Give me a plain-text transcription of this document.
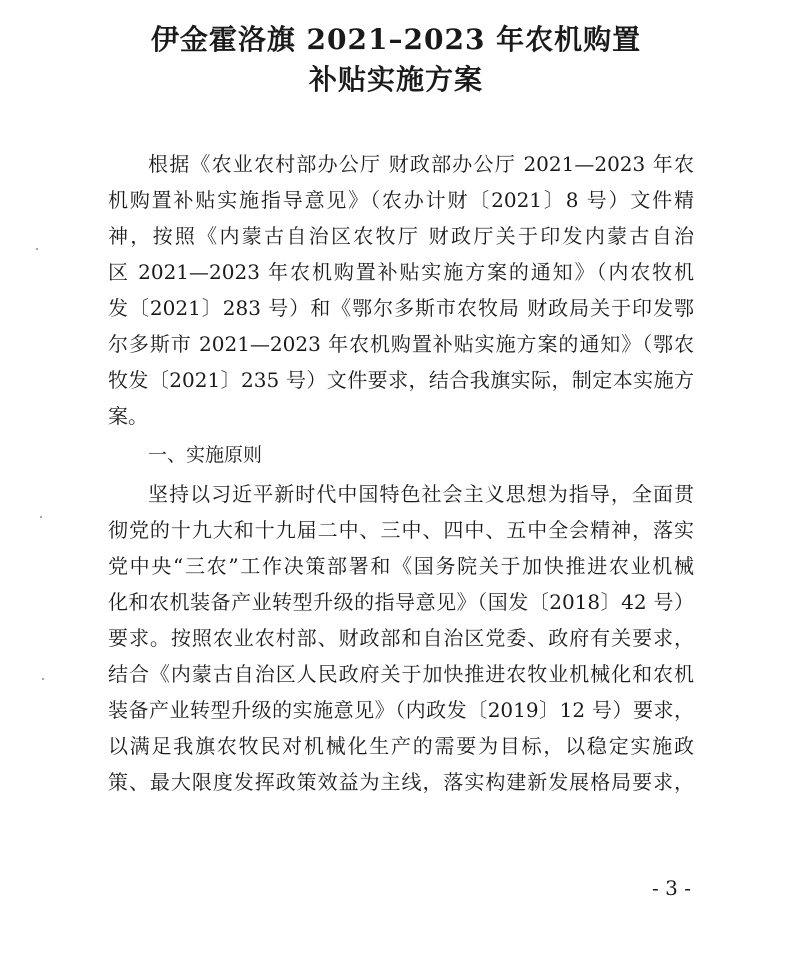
伊金霍洛旗 2021–2023 年农机购置
补贴实施方案
根据《农业农村部办公厅 财政部办公厅 2021—2023 年农
机购置补贴实施指导意见》（农办计财〔2021〕8 号）文件精
神，按照《内蒙古自治区农牧厅 财政厅关于印发内蒙古自治
区 2021—2023 年农机购置补贴实施方案的通知》（内农牧机
发〔2021〕283 号）和《鄂尔多斯市农牧局 财政局关于印发鄂
尔多斯市 2021—2023 年农机购置补贴实施方案的通知》（鄂农
牧发〔2021〕235 号）文件要求，结合我旗实际，制定本实施方
案。
一、实施原则
坚持以习近平新时代中国特色社会主义思想为指导，全面贯
彻党的十九大和十九届二中、三中、四中、五中全会精神，落实
党中央“三农”工作决策部署和《国务院关于加快推进农业机械
化和农机装备产业转型升级的指导意见》（国发〔2018〕42 号）
要求。按照农业农村部、财政部和自治区党委、政府有关要求，
结合《内蒙古自治区人民政府关于加快推进农牧业机械化和农机
装备产业转型升级的实施意见》（内政发〔2019〕12 号）要求，
以满足我旗农牧民对机械化生产的需要为目标，以稳定实施政
策、最大限度发挥政策效益为主线，落实构建新发展格局要求，
- 3 -
